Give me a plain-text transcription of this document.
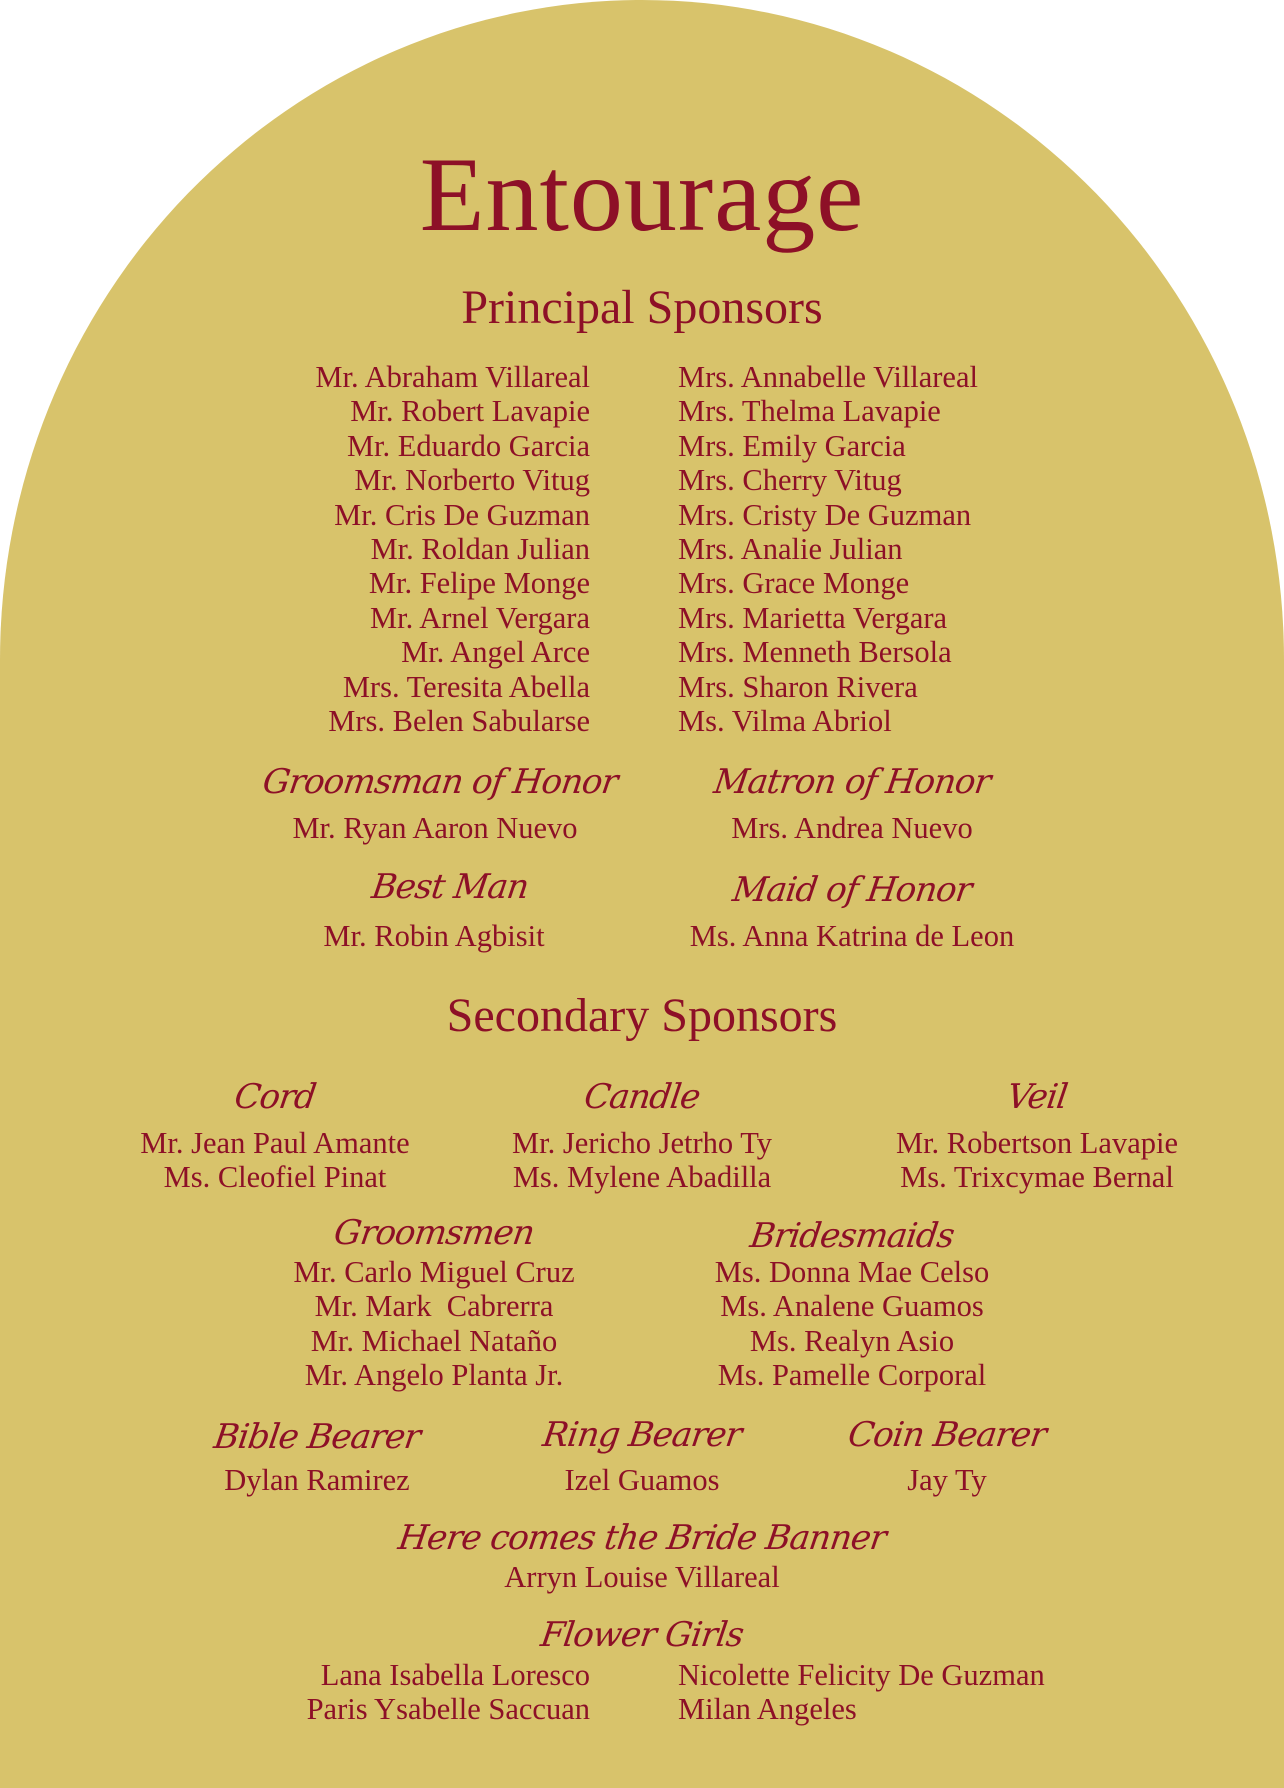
Entourage
Principal Sponsors
Mr. Abraham Villareal
Mr. Robert Lavapie
Mr. Eduardo Garcia
Mr. Norberto Vitug
Mr. Cris De Guzman
Mr. Roldan Julian
Mr. Felipe Monge
Mr. Arnel Vergara
Mr. Angel Arce
Mrs. Teresita Abella
Mrs. Belen Sabularse
Mrs. Annabelle Villareal
Mrs. Thelma Lavapie
Mrs. Emily Garcia
Mrs. Cherry Vitug
Mrs. Cristy De Guzman
Mrs. Analie Julian
Mrs. Grace Monge
Mrs. Marietta Vergara
Mrs. Menneth Bersola
Mrs. Sharon Rivera
Ms. Vilma Abriol
Groomsman of Honor
Mr. Ryan Aaron Nuevo
Matron of Honor
Mrs. Andrea Nuevo
Best Man
Mr. Robin Agbisit
Maid of Honor
Ms. Anna Katrina de Leon
Secondary Sponsors
Cord
Mr. Jean Paul Amante
Ms. Cleofiel Pinat
Candle
Mr. Jericho Jetrho Ty
Ms. Mylene Abadilla
Veil
Mr. Robertson Lavapie
Ms. Trixcymae Bernal
Groomsmen
Mr. Carlo Miguel Cruz
Mr. Mark  Cabrerra
Mr. Michael Nataño
Mr. Angelo Planta Jr.
Bridesmaids
Ms. Donna Mae Celso
Ms. Analene Guamos
Ms. Realyn Asio
Ms. Pamelle Corporal
Bible Bearer
Dylan Ramirez
Ring Bearer
Izel Guamos
Coin Bearer
Jay Ty
Here comes the Bride Banner
Arryn Louise Villareal
Flower Girls
Lana Isabella Loresco
Paris Ysabelle Saccuan
Nicolette Felicity De Guzman
Milan Angeles
